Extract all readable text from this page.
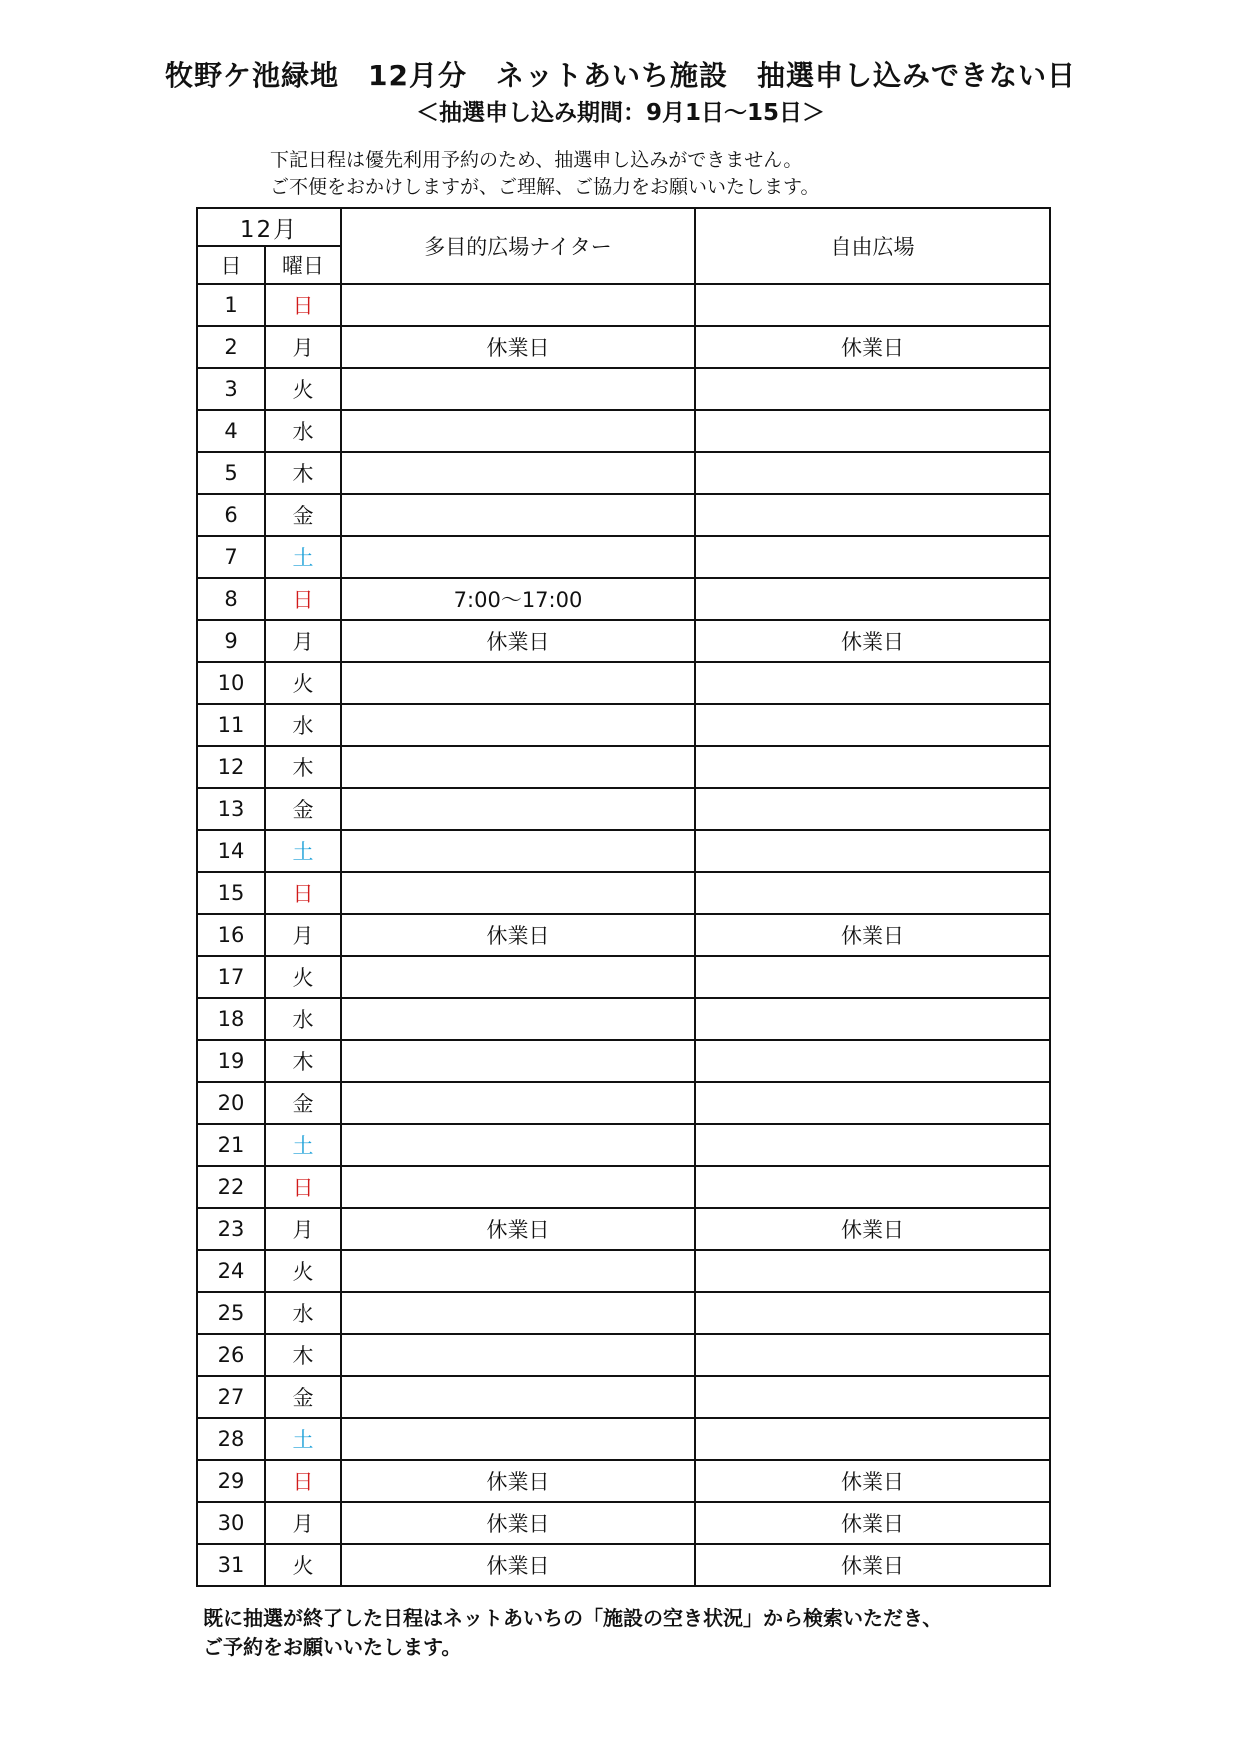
牧野ケ池緑地　12月分　ネットあいち施設　抽選申し込みできない日
＜抽選申し込み期間：9月1日～15日＞
下記日程は優先利用予約のため、抽選申し込みができません。
ご不便をおかけしますが、ご理解、ご協力をお願いいたします。
12月		多目的広場ナイター	自由広場
日	曜日		
1	日		
2	月	休業日	休業日
3	火		
4	水		
5	木		
6	金		
7	土		
8	日	7:00～17:00	
9	月	休業日	休業日
10	火		
11	水		
12	木		
13	金		
14	土		
15	日		
16	月	休業日	休業日
17	火		
18	水		
19	木		
20	金		
21	土		
22	日		
23	月	休業日	休業日
24	火		
25	水		
26	木		
27	金		
28	土		
29	日	休業日	休業日
30	月	休業日	休業日
31	火	休業日	休業日
既に抽選が終了した日程はネットあいちの「施設の空き状況」から検索いただき、
ご予約をお願いいたします。
